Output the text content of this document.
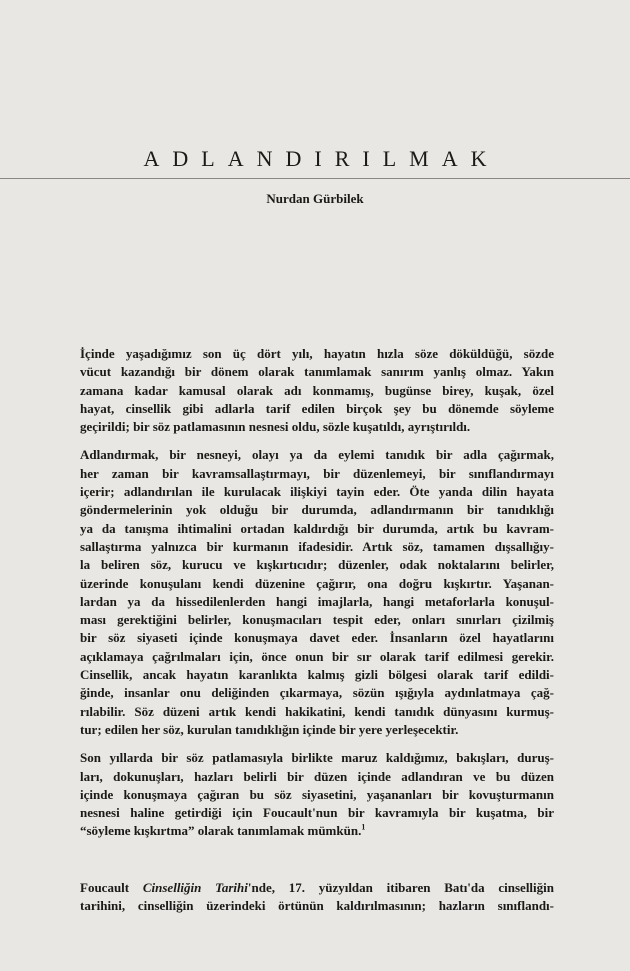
ADLANDIRILMAK
Nurdan Gürbilek
İçinde yaşadığımız son üç dört yılı, hayatın hızla söze döküldüğü, sözde
vücut kazandığı bir dönem olarak tanımlamak sanırım yanlış olmaz. Yakın
zamana kadar kamusal olarak adı konmamış, bugünse birey, kuşak, özel
hayat, cinsellik gibi adlarla tarif edilen birçok şey bu dönemde söyleme
geçirildi; bir söz patlamasının nesnesi oldu, sözle kuşatıldı, ayrıştırıldı.
Adlandırmak, bir nesneyi, olayı ya da eylemi tanıdık bir adla çağırmak,
her zaman bir kavramsallaştırmayı, bir düzenlemeyi, bir sınıflandırmayı
içerir; adlandırılan ile kurulacak ilişkiyi tayin eder. Öte yanda dilin hayata
göndermelerinin yok olduğu bir durumda, adlandırmanın bir tanıdıklığı
ya da tanışma ihtimalini ortadan kaldırdığı bir durumda, artık bu kavram-
sallaştırma yalnızca bir kurmanın ifadesidir. Artık söz, tamamen dışsallığıy-
la beliren söz, kurucu ve kışkırtıcıdır; düzenler, odak noktalarını belirler,
üzerinde konuşulanı kendi düzenine çağırır, ona doğru kışkırtır. Yaşanan-
lardan ya da hissedilenlerden hangi imajlarla, hangi metaforlarla konuşul-
ması gerektiğini belirler, konuşmacıları tespit eder, onları sınırları çizilmiş
bir söz siyaseti içinde konuşmaya davet eder. İnsanların özel hayatlarını
açıklamaya çağrılmaları için, önce onun bir sır olarak tarif edilmesi gerekir.
Cinsellik, ancak hayatın karanlıkta kalmış gizli bölgesi olarak tarif edildi-
ğinde, insanlar onu deliğinden çıkarmaya, sözün ışığıyla aydınlatmaya çağ-
rılabilir. Söz düzeni artık kendi hakikatini, kendi tanıdık dünyasını kurmuş-
tur; edilen her söz, kurulan tanıdıklığın içinde bir yere yerleşecektir.
Son yıllarda bir söz patlamasıyla birlikte maruz kaldığımız, bakışları, duruş-
ları, dokunuşları, hazları belirli bir düzen içinde adlandıran ve bu düzen
içinde konuşmaya çağıran bu söz siyasetini, yaşananları bir kovuşturmanın
nesnesi haline getirdiği için Foucault'nun bir kavramıyla bir kuşatma, bir
“söyleme kışkırtma” olarak tanımlamak mümkün.$^1$
Foucault Cinselliğin Tarihi'nde, 17. yüzyıldan itibaren Batı'da cinselliğin
tarihini, cinselliğin üzerindeki örtünün kaldırılmasının; hazların sınıflandı-
